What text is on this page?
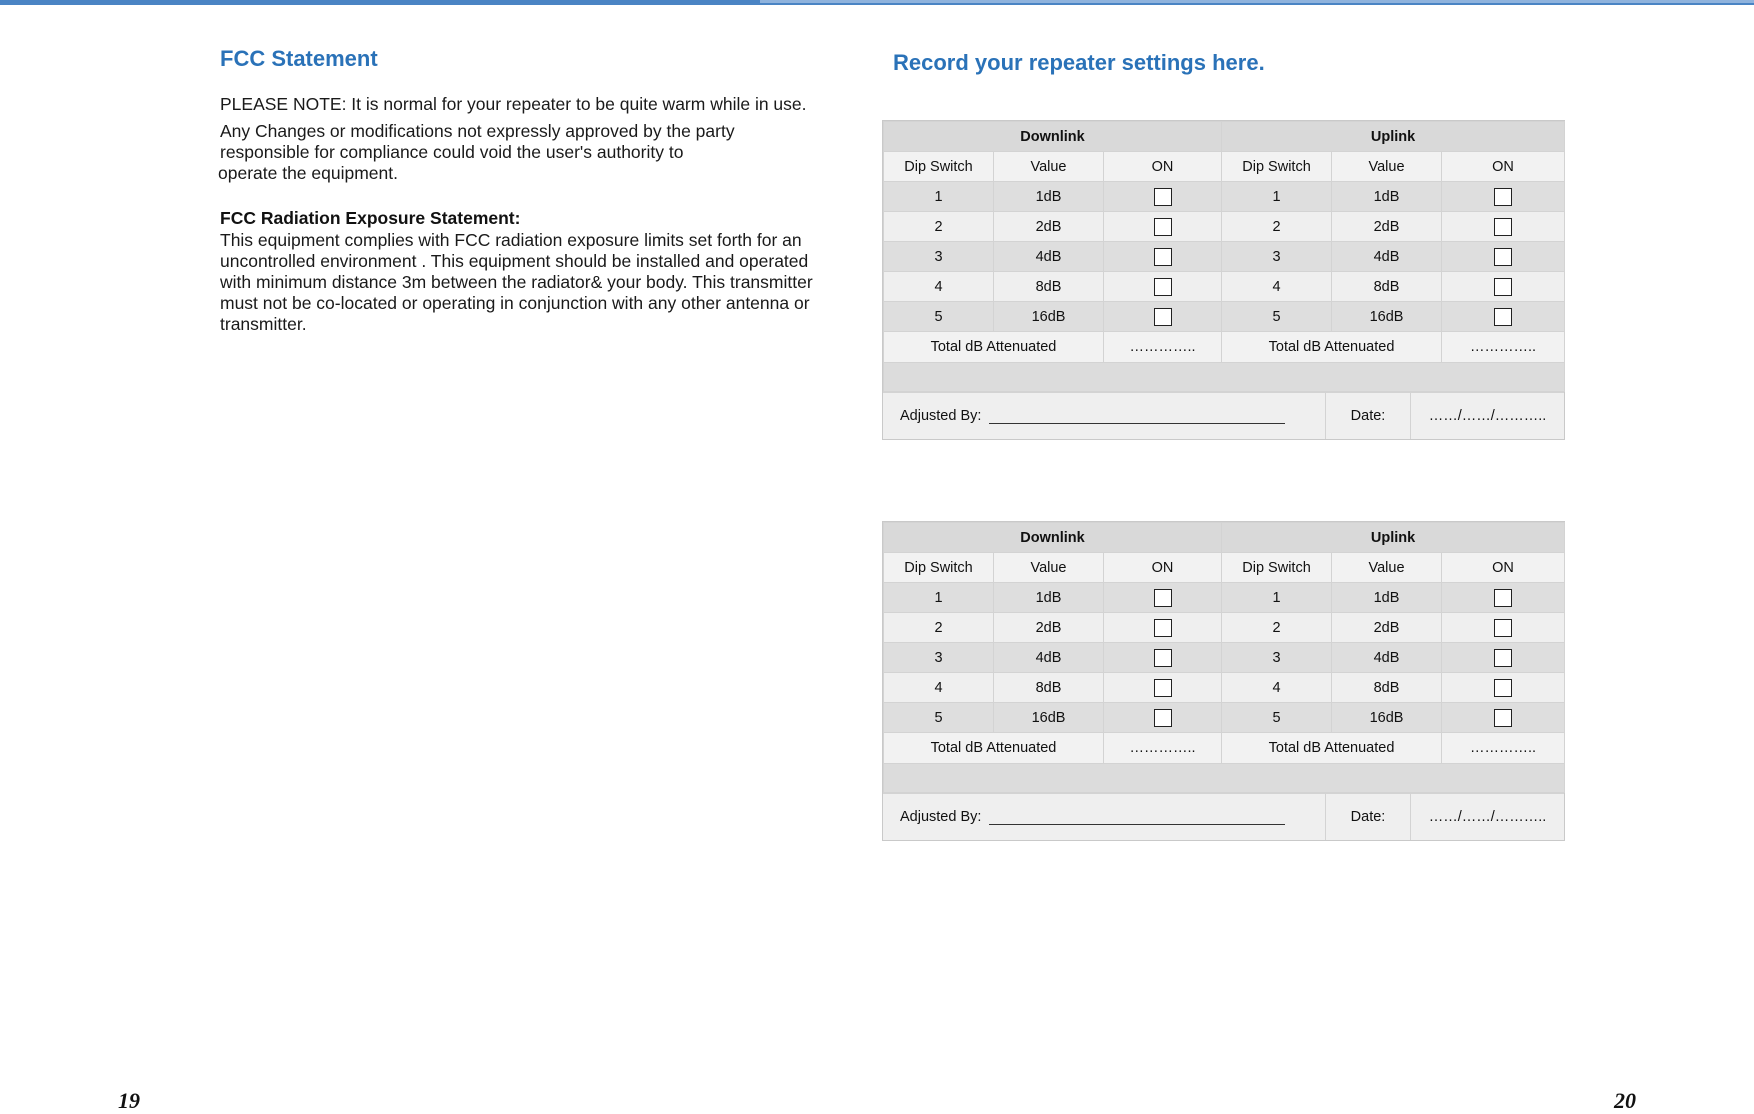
FCC Statement
PLEASE NOTE: It is normal for your repeater to be quite warm while in use.
Any Changes or modifications not expressly approved by the party
responsible for compliance could void the user's authority to
operate the equipment.
FCC Radiation Exposure Statement:
This equipment complies with FCC radiation exposure limits set forth for an uncontrolled environment . This equipment should be installed and operated with minimum distance 3m between the radiator& your body. This transmitter must not be co-located or operating in conjunction with any other antenna or transmitter.
19
Record your repeater settings here.
Downlink			Uplink		
Dip Switch	Value	ON	Dip Switch	Value	ON
1	1dB		1	1dB	
2	2dB		2	2dB	
3	4dB		3	4dB	
4	8dB		4	8dB	
5	16dB		5	16dB	
Total dB Attenuated		…………..	Total dB Attenuated		…………..

Adjusted By:	Date:	……/……/………..
Downlink			Uplink		
Dip Switch	Value	ON	Dip Switch	Value	ON
1	1dB		1	1dB	
2	2dB		2	2dB	
3	4dB		3	4dB	
4	8dB		4	8dB	
5	16dB		5	16dB	
Total dB Attenuated		…………..	Total dB Attenuated		…………..

Adjusted By:	Date:	……/……/………..
20
